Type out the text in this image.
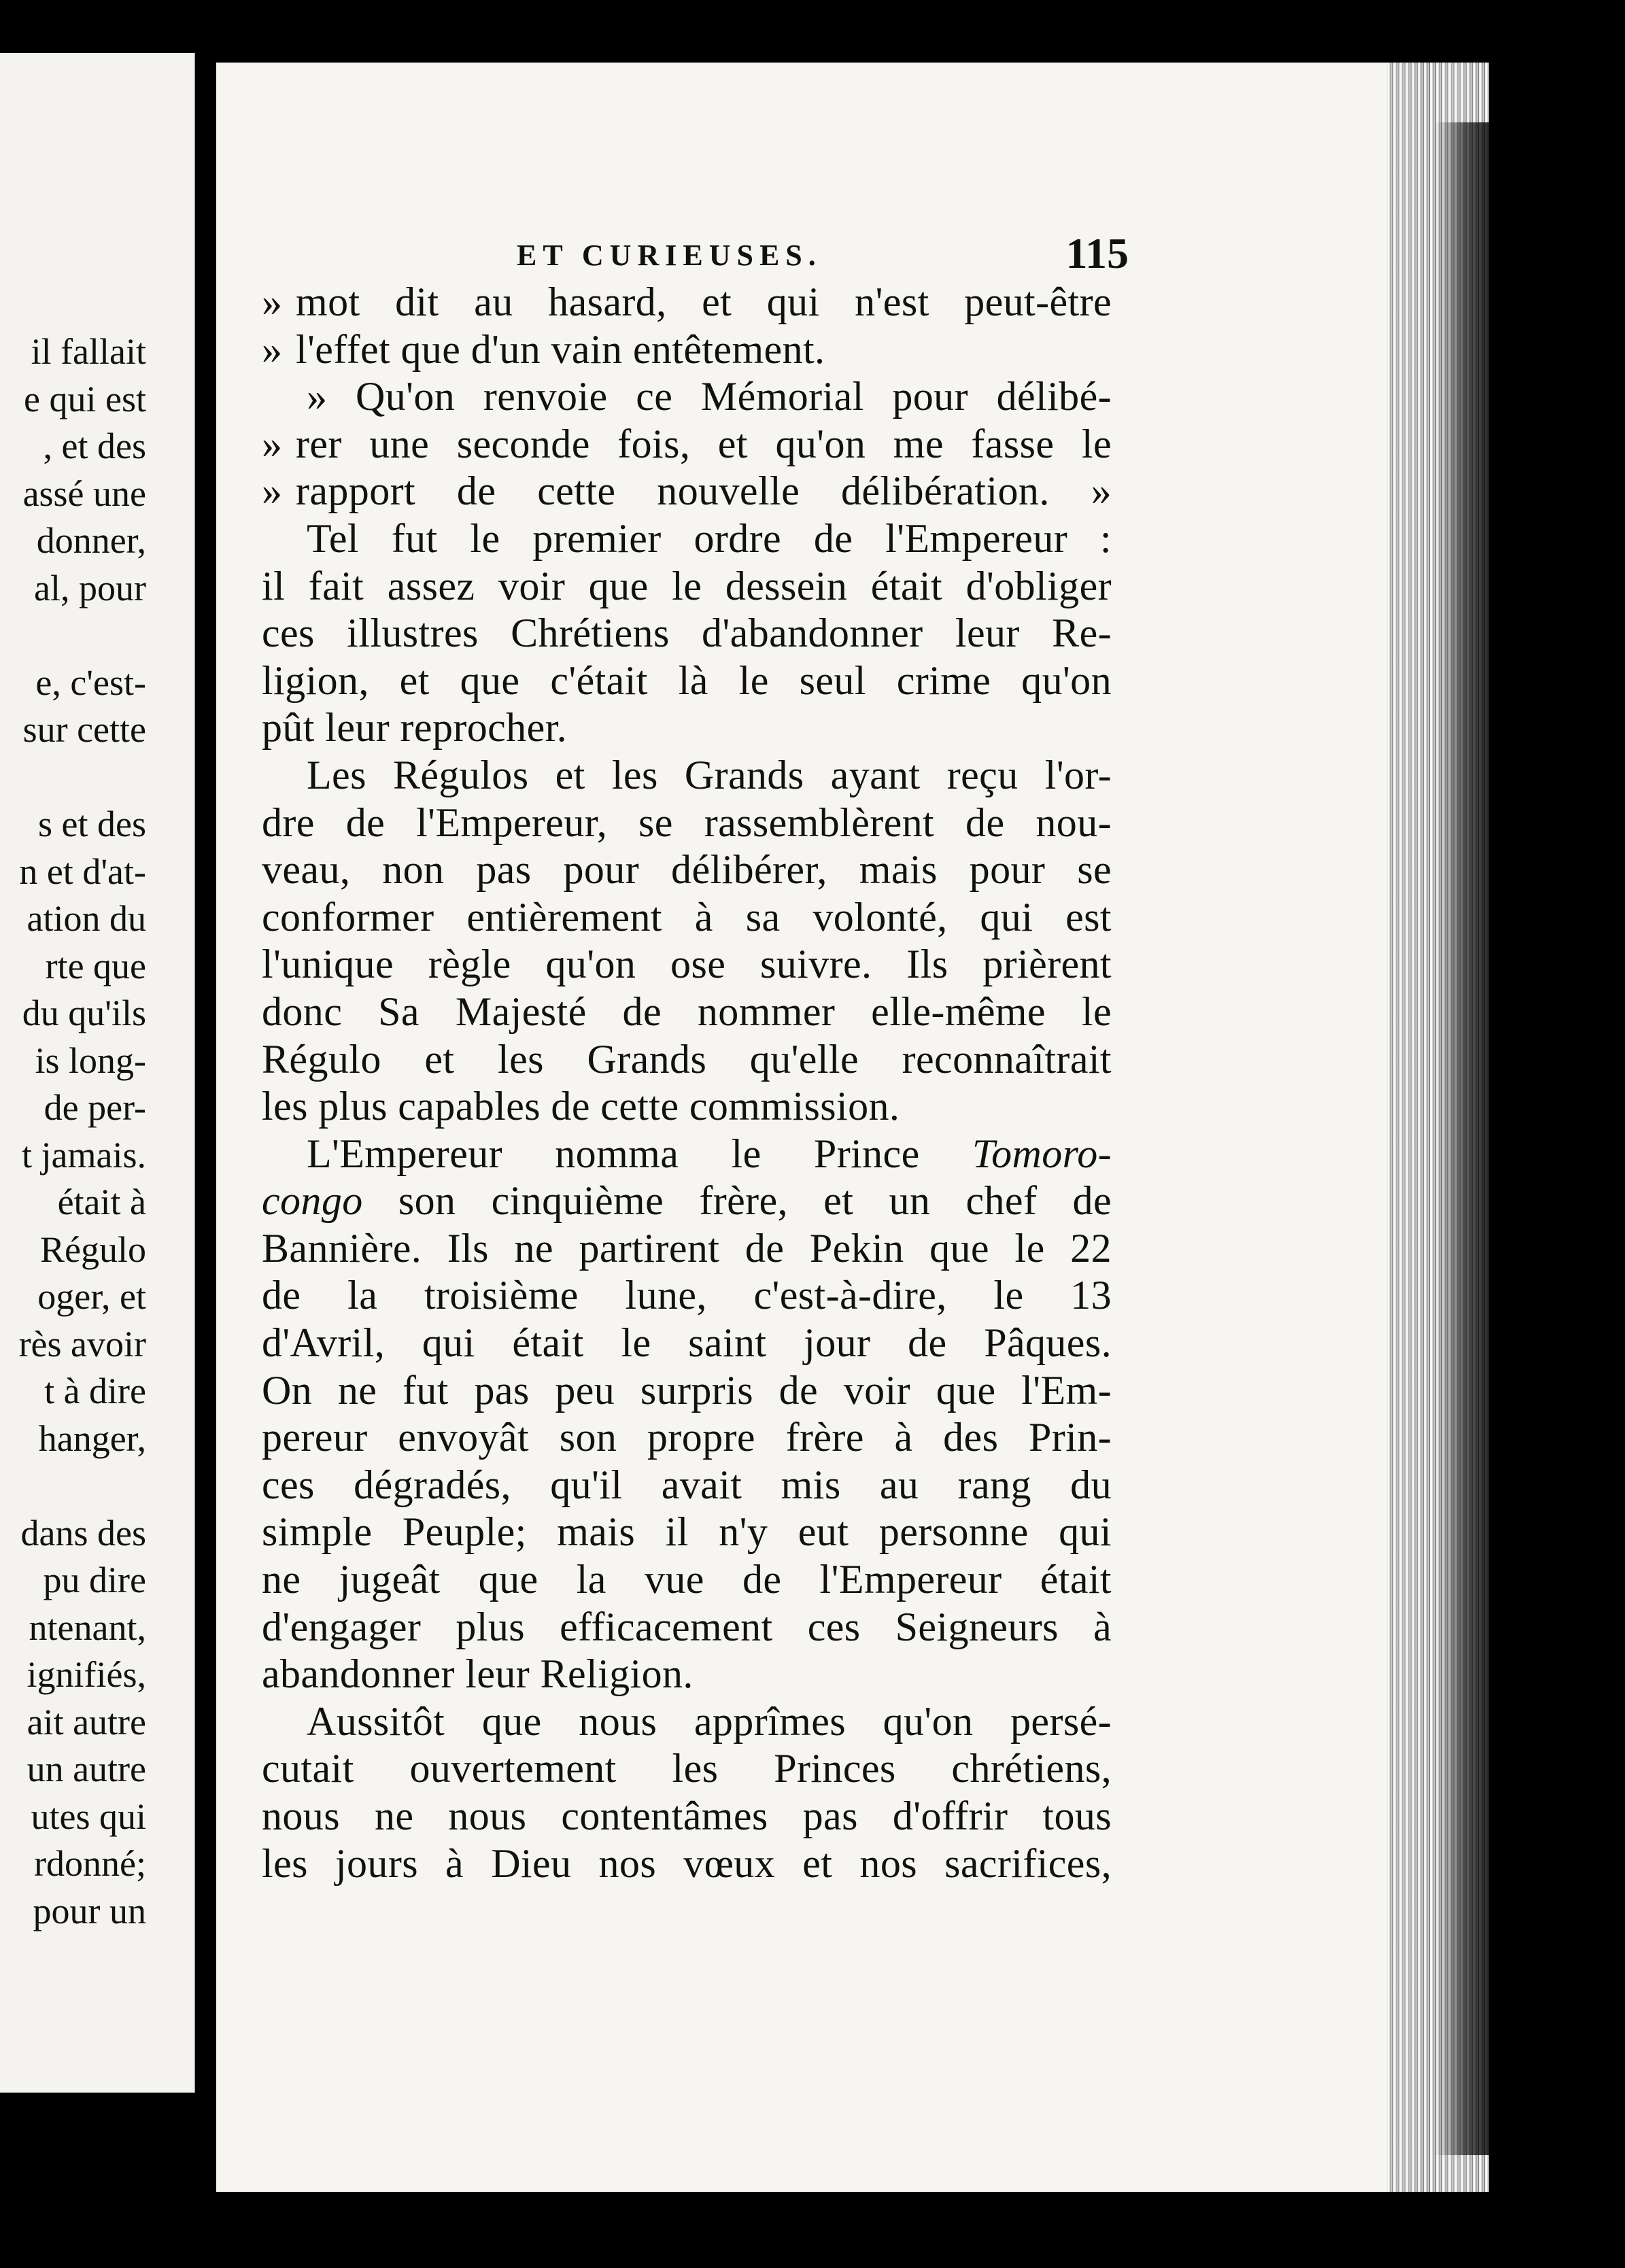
il fallait
e qui est
, et des
assé une
donner,
al, pour
e, c'est-
sur cette
s et des
n et d'at-
ation du
rte que
du qu'ils
is long-
de per-
t jamais.
était à
Régulo
oger, et
rès avoir
t à dire
hanger,
dans des
pu dire
ntenant,
ignifiés,
ait autre
un autre
utes qui
rdonné;
pour un
ET CURIEUSES.	115
» mot dit au hasard, et qui n'est peut-être
» l'effet que d'un vain entêtement.
» Qu'on renvoie ce Mémorial pour délibé-
» rer une seconde fois, et qu'on me fasse le
» rapport de cette nouvelle délibération. »
Tel fut le premier ordre de l'Empereur :
il fait assez voir que le dessein était d'obliger
ces illustres Chrétiens d'abandonner leur Re-
ligion, et que c'était là le seul crime qu'on
pût leur reprocher.
Les Régulos et les Grands ayant reçu l'or-
dre de l'Empereur, se rassemblèrent de nou-
veau, non pas pour délibérer, mais pour se
conformer entièrement à sa volonté, qui est
l'unique règle qu'on ose suivre. Ils prièrent
donc Sa Majesté de nommer elle-même le
Régulo et les Grands qu'elle reconnaîtrait
les plus capables de cette commission.
L'Empereur nomma le Prince Tomoro-
congo son cinquième frère, et un chef de
Bannière. Ils ne partirent de Pekin que le 22
de la troisième lune, c'est-à-dire, le 13
d'Avril, qui était le saint jour de Pâques.
On ne fut pas peu surpris de voir que l'Em-
pereur envoyât son propre frère à des Prin-
ces dégradés, qu'il avait mis au rang du
simple Peuple; mais il n'y eut personne qui
ne jugeât que la vue de l'Empereur était
d'engager plus efficacement ces Seigneurs à
abandonner leur Religion.
Aussitôt que nous apprîmes qu'on persé-
cutait ouvertement les Princes chrétiens,
nous ne nous contentâmes pas d'offrir tous
les jours à Dieu nos vœux et nos sacrifices,
